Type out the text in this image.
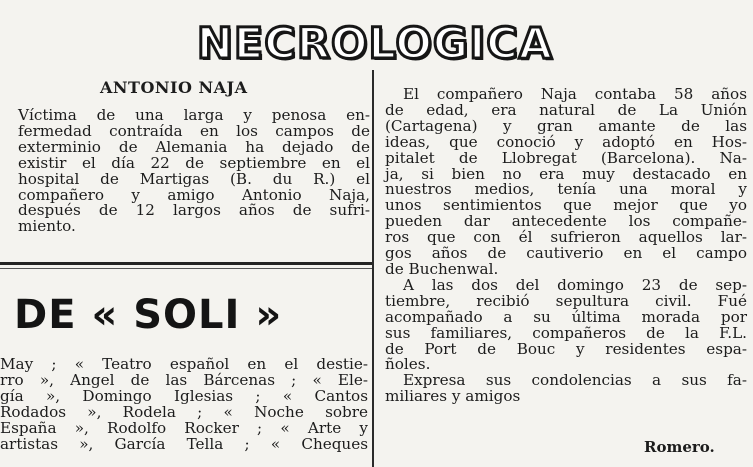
NECROLOGICA
ANTONIO NAJA

Víctima de una larga y penosa en-
fermedad contraída en los campos de
exterminio de Alemania ha dejado de
existir el día 22 de septiembre en el
hospital de Martigas (B. du R.) el
compañero y amigo Antonio Naja,
después de 12 largos años de sufri-
miento.

El compañero Naja contaba 58 años
de edad, era natural de La Unión
(Cartagena) y gran amante de las
ideas, que conoció y adoptó en Hos-
pitalet de Llobregat (Barcelona). Na-
ja, si bien no era muy destacado en
nuestros medios, tenía una moral y
unos sentimientos que mejor que yo
pueden dar antecedente los compañe-
ros que con él sufrieron aquellos lar-
gos años de cautiverio en el campo
de Buchenwal.
A las dos del domingo 23 de sep-
tiembre, recibió sepultura civil. Fué
acompañado a su última morada por
sus familiares, compañeros de la F.L.
de Port de Bouc y residentes espa-
ñoles.
Expresa sus condolencias a sus fa-
miliares y amigos

Romero.
DE « SOLI »

May ; « Teatro español en el destie-
rro », Angel de las Bárcenas ; « Ele-
gía », Domingo Iglesias ; « Cantos
Rodados », Rodela ; « Noche sobre
España », Rodolfo Rocker ; « Arte y
artistas », García Tella ; « Cheques
